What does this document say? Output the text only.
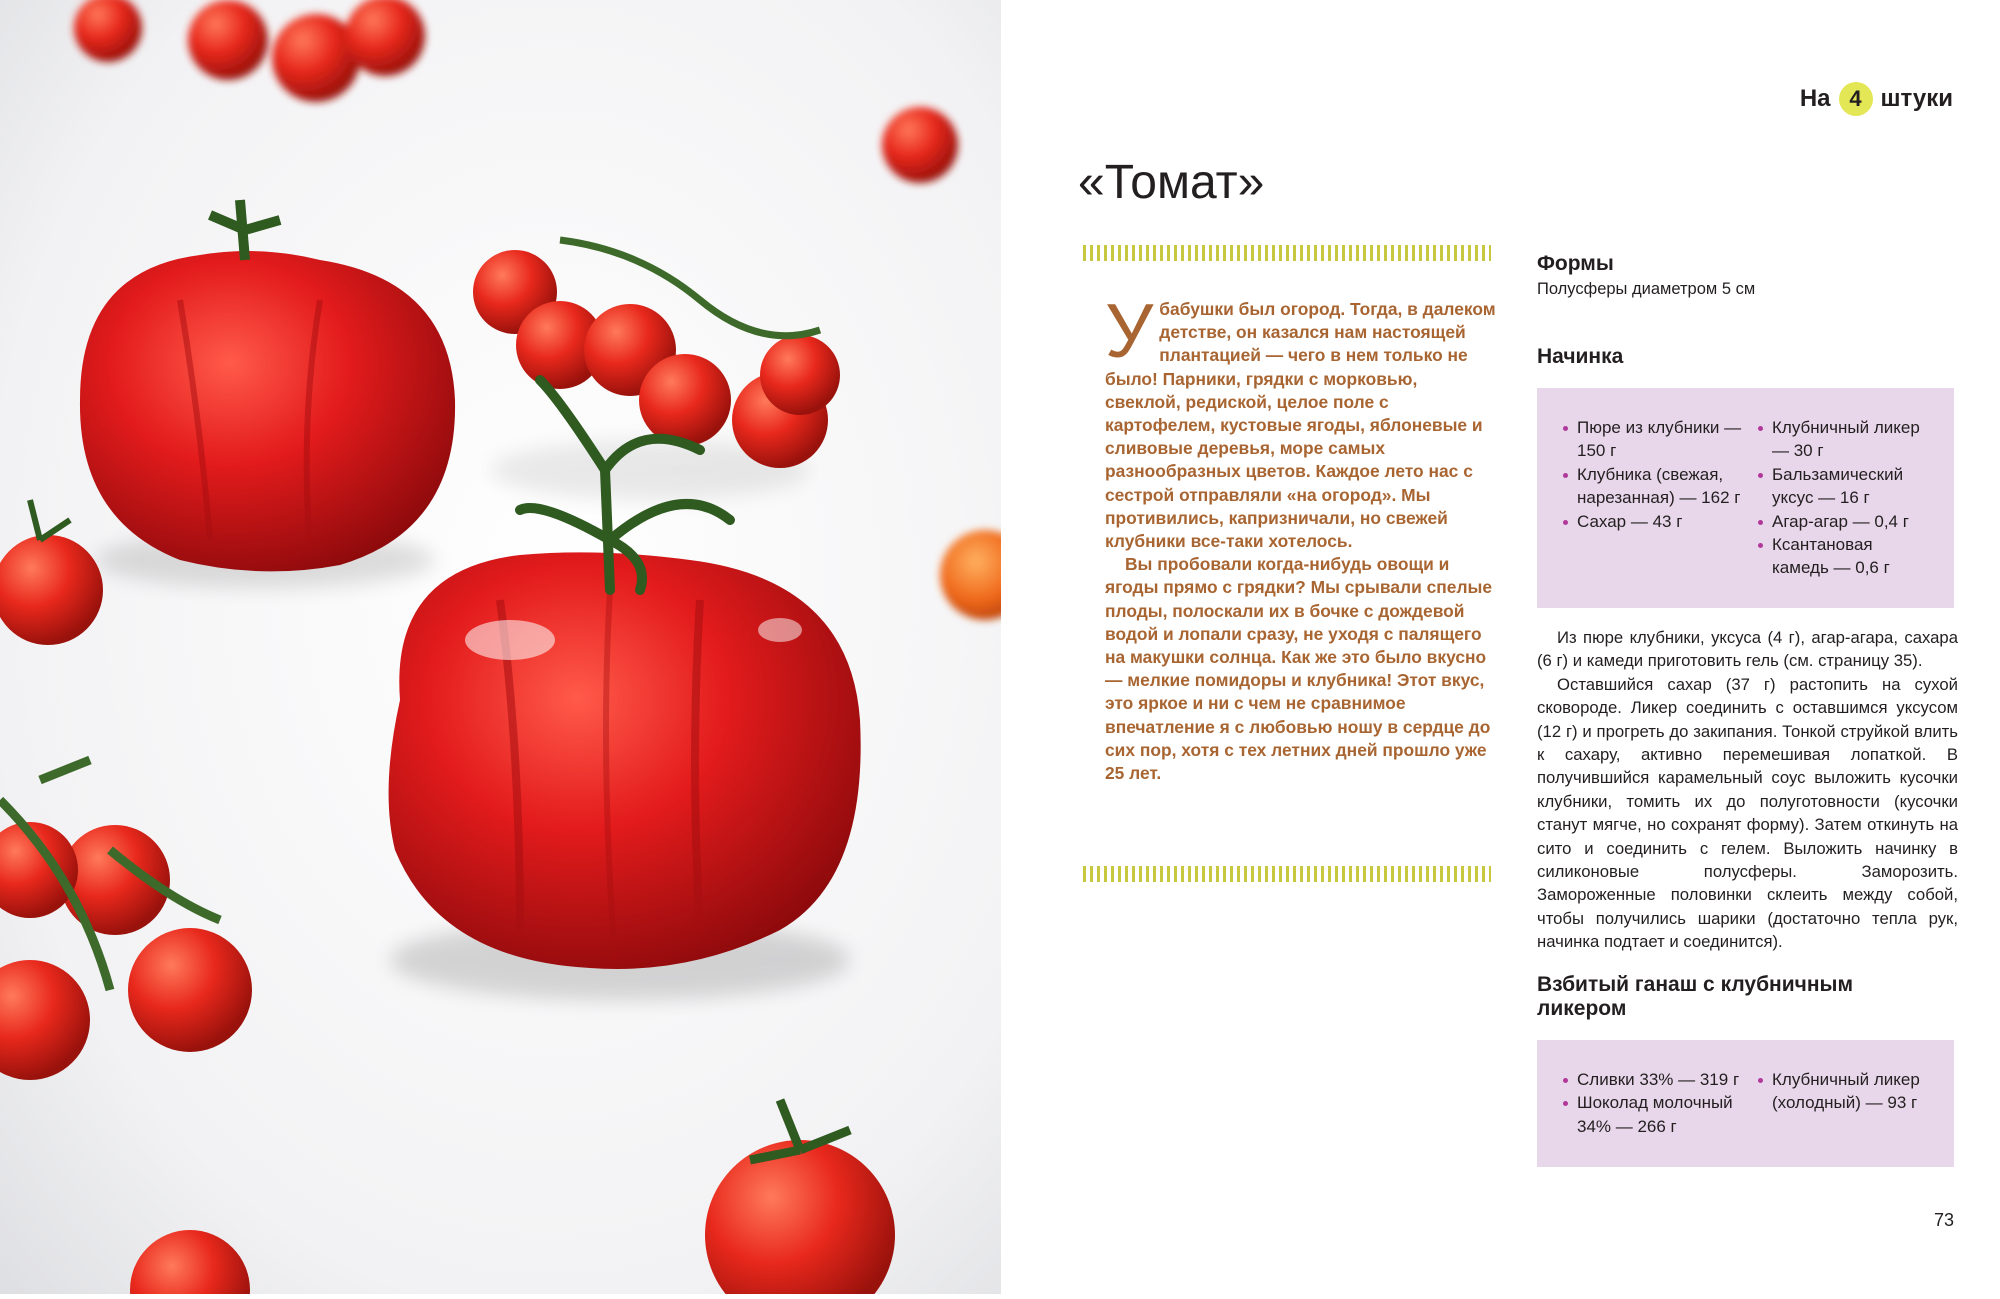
На 4 штуки
«Томат»
У бабушки был огород. Тогда, в далеком детстве, он казался нам настоящей плантацией — чего в нем только не было! Парники, грядки с морковью, свеклой, редиской, целое поле с картофелем, кустовые ягоды, яблоневые и сливовые деревья, море самых разнообразных цветов. Каждое лето нас с сестрой отправляли «на огород». Мы противились, капризничали, но свежей клубники все-таки хотелось.

Вы пробовали когда-нибудь овощи и ягоды прямо с грядки? Мы срывали спелые плоды, полоскали их в бочке с дождевой водой и лопали сразу, не уходя с палящего на макушки солнца. Как же это было вкусно — мелкие помидоры и клубника! Этот вкус, это яркое и ни с чем не сравнимое впечатление я с любовью ношу в сердце до сих пор, хотя с тех летних дней прошло уже 25 лет.

Формы
Полусферы диаметром 5 см
Начинка
Пюре из клубники — 150 г
Клубника (свежая, нарезанная) — 162 г
Сахар — 43 г
Клубничный ликер — 30 г
Бальзамический уксус — 16 г
Агар-агар — 0,4 г
Ксантановая камедь — 0,6 г

Из пюре клубники, уксуса (4 г), агар-агара, сахара (6 г) и камеди приготовить гель (см. страницу 35).

Оставшийся сахар (37 г) растопить на сухой сковороде. Ликер соединить с оставшимся уксусом (12 г) и прогреть до закипания. Тонкой струйкой влить к сахару, активно перемешивая лопаткой. В получившийся карамельный соус выложить кусочки клубники, томить их до полуготовности (кусочки станут мягче, но сохранят форму). Затем откинуть на сито и соединить с гелем. Выложить начинку в силиконовые полусферы. Заморозить. Замороженные половинки склеить между собой, чтобы получились шарики (достаточно тепла рук, начинка подтает и соединится).

Взбитый ганаш с клубничным ликером
Сливки 33% — 319 г
Шоколад молочный 34% — 266 г
Клубничный ликер (холодный) — 93 г
73
